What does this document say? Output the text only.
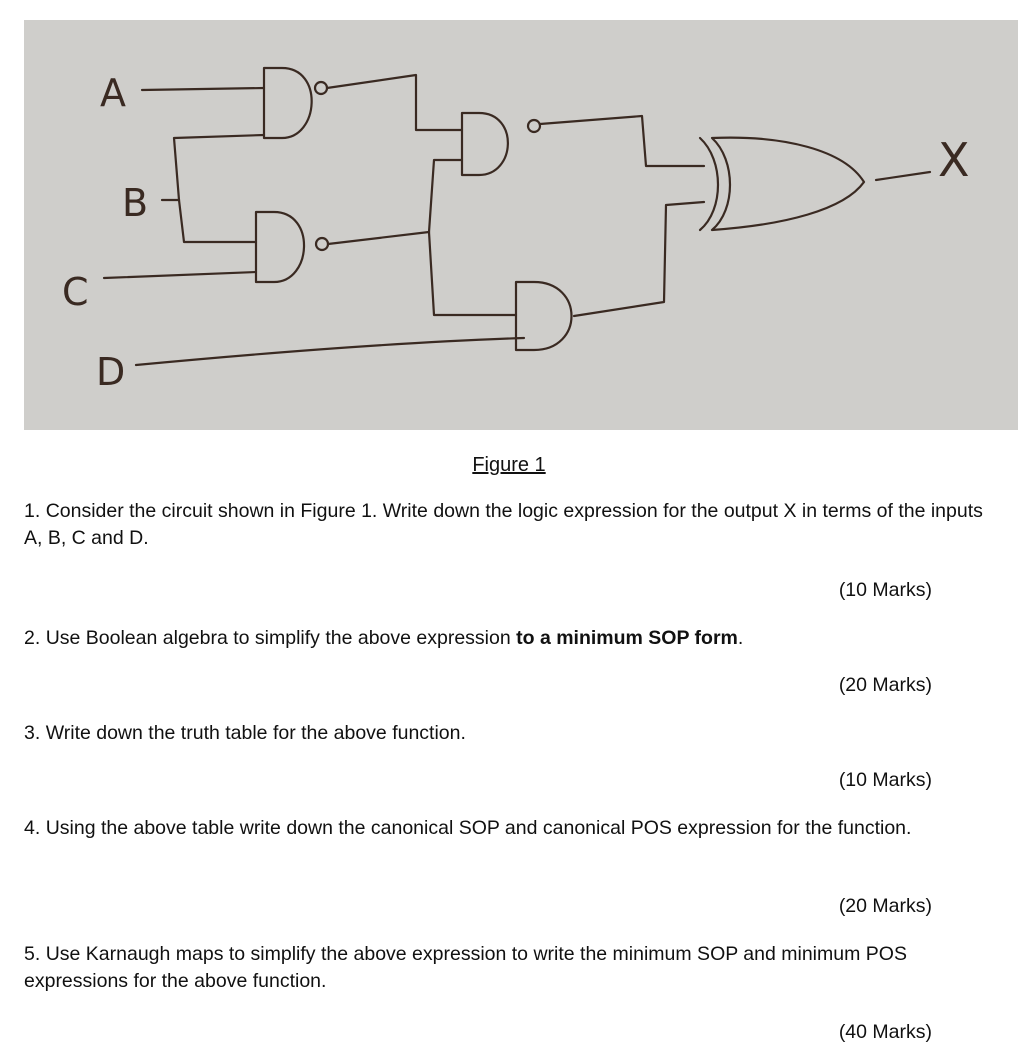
A
B
C
D
X
Figure 1

1. Consider the circuit shown in Figure 1. Write down the logic expression for the output X in terms of the inputs A, B, C and D.

(10 Marks)

2. Use Boolean algebra to simplify the above expression to a minimum SOP form.

(20 Marks)

3. Write down the truth table for the above function.

(10 Marks)

4. Using the above table write down the canonical SOP and canonical POS expression for the function.

(20 Marks)

5. Use Karnaugh maps to simplify the above expression to write the minimum SOP and minimum POS expressions for the above function.

(40 Marks)
